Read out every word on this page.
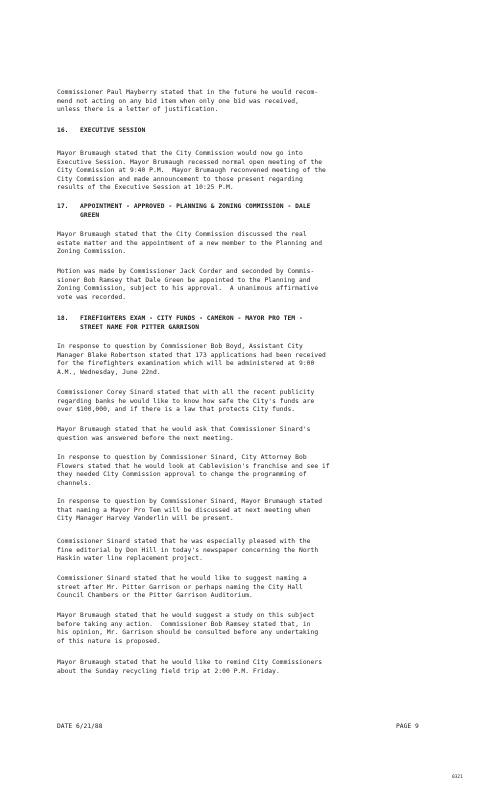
Commissioner Paul Mayberry stated that in the future he would recom-
mend not acting on any bid item when only one bid was received,
unless there is a letter of justification.

16.   EXECUTIVE SESSION

Mayor Brumaugh stated that the City Commission would now go into
Executive Session. Mayor Brumaugh recessed normal open meeting of the
City Commission at 9:40 P.M.  Mayor Brumaugh reconvened meeting of the
City Commission and made announcement to those present regarding
results of the Executive Session at 10:25 P.M.

17.   APPOINTMENT - APPROVED - PLANNING & ZONING COMMISSION - DALE
GREEN

Mayor Brumaugh stated that the City Commission discussed the real
estate matter and the appointment of a new member to the Planning and
Zoning Commission.

Motion was made by Commissioner Jack Corder and seconded by Commis-
sioner Bob Ramsey that Dale Green be appointed to the Planning and
Zoning Commission, subject to his approval.  A unanimous affirmative
vote was recorded.

18.   FIREFIGHTERS EXAM - CITY FUNDS - CAMERON - MAYOR PRO TEM -
STREET NAME FOR PITTER GARRISON

In response to question by Commissioner Bob Boyd, Assistant City
Manager Blake Robertson stated that 173 applications had been received
for the firefighters examination which will be administered at 9:00
A.M., Wednesday, June 22nd.

Commissioner Corey Sinard stated that with all the recent publicity
regarding banks he would like to know how safe the City's funds are
over $100,000, and if there is a law that protects City funds.

Mayor Brumaugh stated that he would ask that Commissioner Sinard's
question was answered before the next meeting.

In response to question by Commissioner Sinard, City Attorney Bob
Flowers stated that he would look at Cablevision's franchise and see if
they needed City Commission approval to change the programming of
channels.

In response to question by Commissioner Sinard, Mayor Brumaugh stated
that naming a Mayor Pro Tem will be discussed at next meeting when
City Manager Harvey Vanderlin will be present.

Commissioner Sinard stated that he was especially pleased with the
fine editorial by Don Hill in today's newspaper concerning the North
Haskin water line replacement project.

Commissioner Sinard stated that he would like to suggest naming a
street after Mr. Pitter Garrison or perhaps naming the City Hall
Council Chambers or the Pitter Garrison Auditorium.

Mayor Brumaugh stated that he would suggest a study on this subject
before taking any action.  Commissioner Bob Ramsey stated that, in
his opinion, Mr. Garrison should be consulted before any undertaking
of this nature is proposed.

Mayor Brumaugh stated that he would like to remind City Commissioners
about the Sunday recycling field trip at 2:00 P.M. Friday.

DATE 6/21/88	PAGE 9
0321
